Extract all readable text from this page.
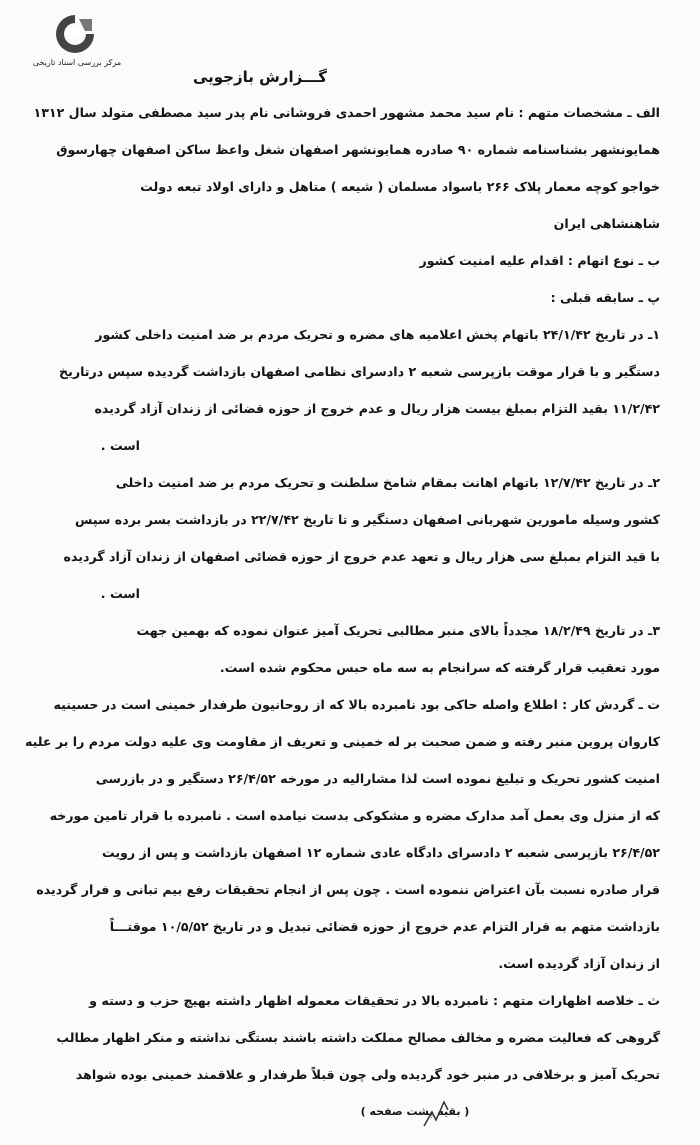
مرکز بررسی اسناد تاریخی
گـــزارش بازجویی
الف ـ مشخصات متهم : نام سید محمد مشهور احمدی فروشانی نام پدر سید مصطفی متولد سال ۱۳۱۲
همایونشهر بشناسنامه شماره ۹۰ صادره همایونشهر اصفهان شغل واعظ ساکن اصفهان چهارسوق
خواجو کوچه معمار پلاک ۲۶۶ باسواد مسلمان ( شیعه ) متاهل و دارای اولاد تبعه دولت
شاهنشاهی ایران
ب ـ نوع اتهام : اقدام علیه امنیت کشور
پ ـ سابقه قبلی :
۱ـ در تاریخ ۲۴/۱/۴۲ باتهام پخش اعلامیه های مضره و تحریک مردم بر ضد امنیت داخلی کشور
دستگیر و با قرار موقت بازپرسی شعبه ۲ دادسرای نظامی اصفهان بازداشت گردیده سپس درتاریخ
۱۱/۲/۴۲ بقید التزام بمبلغ بیست هزار ریال و عدم خروج از حوزه قضائی از زندان آزاد گردیده
است .
۲ـ در تاریخ ۱۲/۷/۴۲ باتهام اهانت بمقام شامخ سلطنت و تحریک مردم بر ضد امنیت داخلی
کشور وسیله مامورین شهربانی اصفهان دستگیر و تا تاریخ ۲۲/۷/۴۲ در بازداشت بسر برده سپس
با قید التزام بمبلغ سی هزار ریال و تعهد عدم خروج از حوزه قضائی اصفهان از زندان آزاد گردیده
است .
۳ـ در تاریخ ۱۸/۲/۴۹ مجدداً بالای منبر مطالبی تحریک آمیز عنوان نموده که بهمین جهت
مورد تعقیب قرار گرفته که سرانجام به سه ماه حبس محکوم شده است.
ت ـ گردش کار : اطلاع واصله حاکی بود نامبرده بالا که از روحانیون طرفدار خمینی است در حسینیه
کاروان پروین منبر رفته و ضمن صحبت بر له خمینی و تعریف از مقاومت وی علیه دولت مردم را بر علیه
امنیت کشور تحریک و تبلیغ نموده است لذا مشارالیه در مورخه ۲۶/۴/۵۲ دستگیر و در بازرسی
که از منزل وی بعمل آمد مدارک مضره و مشکوکی بدست نیامده است . نامبرده با قرار تامین مورخه
۲۶/۴/۵۲ بازپرسی شعبه ۲ دادسرای دادگاه عادی شماره ۱۲ اصفهان بازداشت و پس از رویت
قرار صادره نسبت بآن اعتراض ننموده است . چون پس از انجام تحقیقات رفع بیم تبانی و فرار گردیده
بازداشت متهم به قرار التزام عدم خروج از حوزه قضائی تبدیل و در تاریخ ۱۰/۵/۵۲ موقتـــاً
از زندان آزاد گردیده است.
ث ـ خلاصه اظهارات متهم : نامبرده بالا در تحقیقات معموله اظهار داشته بهیچ حزب و دسته و
گروهی که فعالیت مضره و مخالف مصالح مملکت داشته باشند بستگی نداشته و منکر اظهار مطالب
تحریک آمیز و برخلافی در منبر خود گردیده ولی چون قبلاً طرفدار و علاقمند خمینی بوده شواهد
( بقیه پشت صفحه )
